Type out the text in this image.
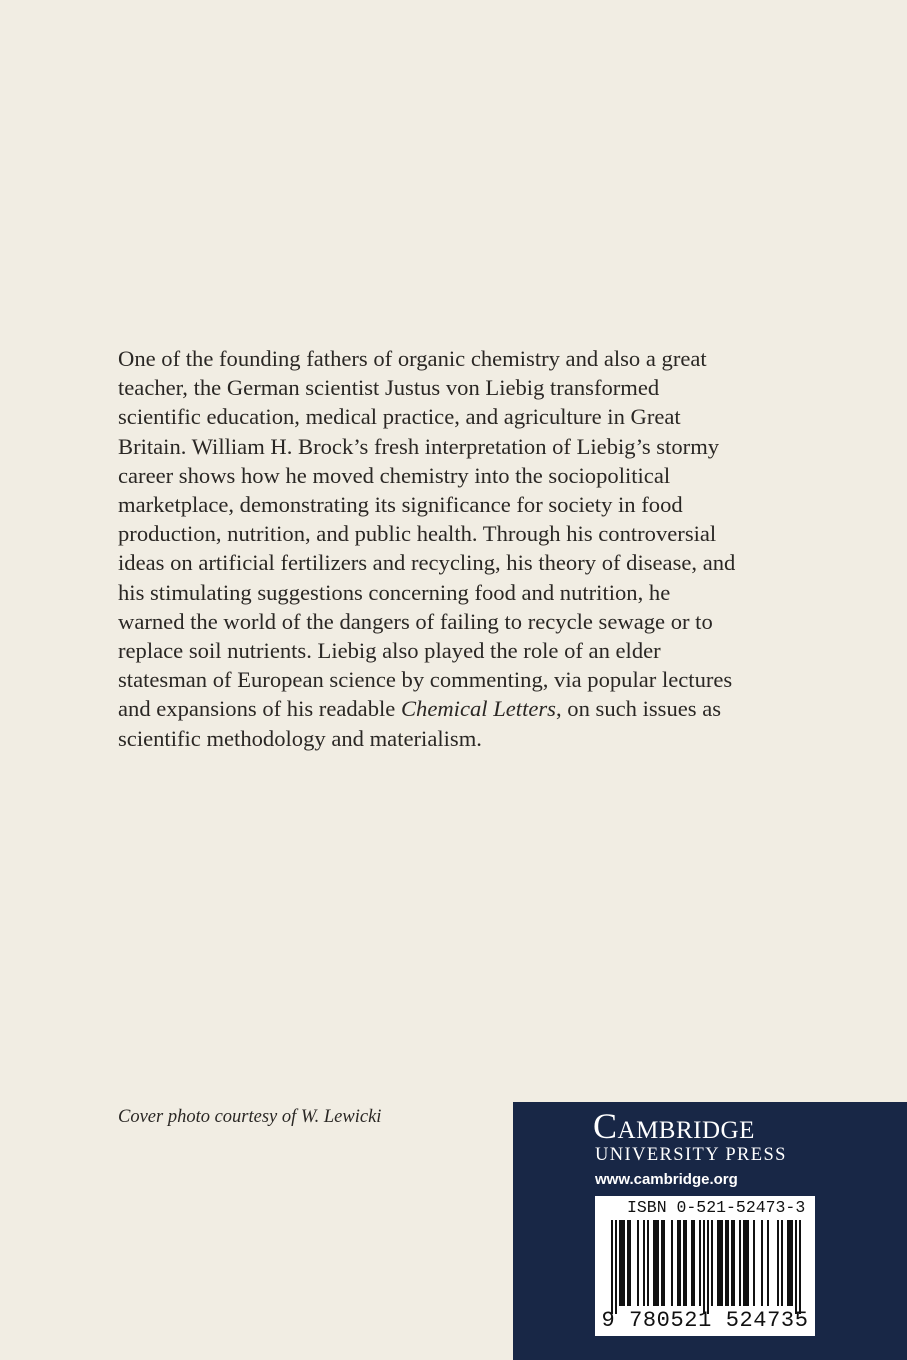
One of the founding fathers of organic chemistry and also a great
teacher, the German scientist Justus von Liebig transformed
scientific education, medical practice, and agriculture in Great
Britain. William H. Brock’s fresh interpretation of Liebig’s stormy
career shows how he moved chemistry into the sociopolitical
marketplace, demonstrating its significance for society in food
production, nutrition, and public health. Through his controversial
ideas on artificial fertilizers and recycling, his theory of disease, and
his stimulating suggestions concerning food and nutrition, he
warned the world of the dangers of failing to recycle sewage or to
replace soil nutrients. Liebig also played the role of an elder
statesman of European science by commenting, via popular lectures
and expansions of his readable Chemical Letters, on such issues as
scientific methodology and materialism.
Cover photo courtesy of W. Lewicki	Cambridge
UNIVERSITY PRESS
www.cambridge.org
ISBN 0-521-52473-3
9 780521 524735
